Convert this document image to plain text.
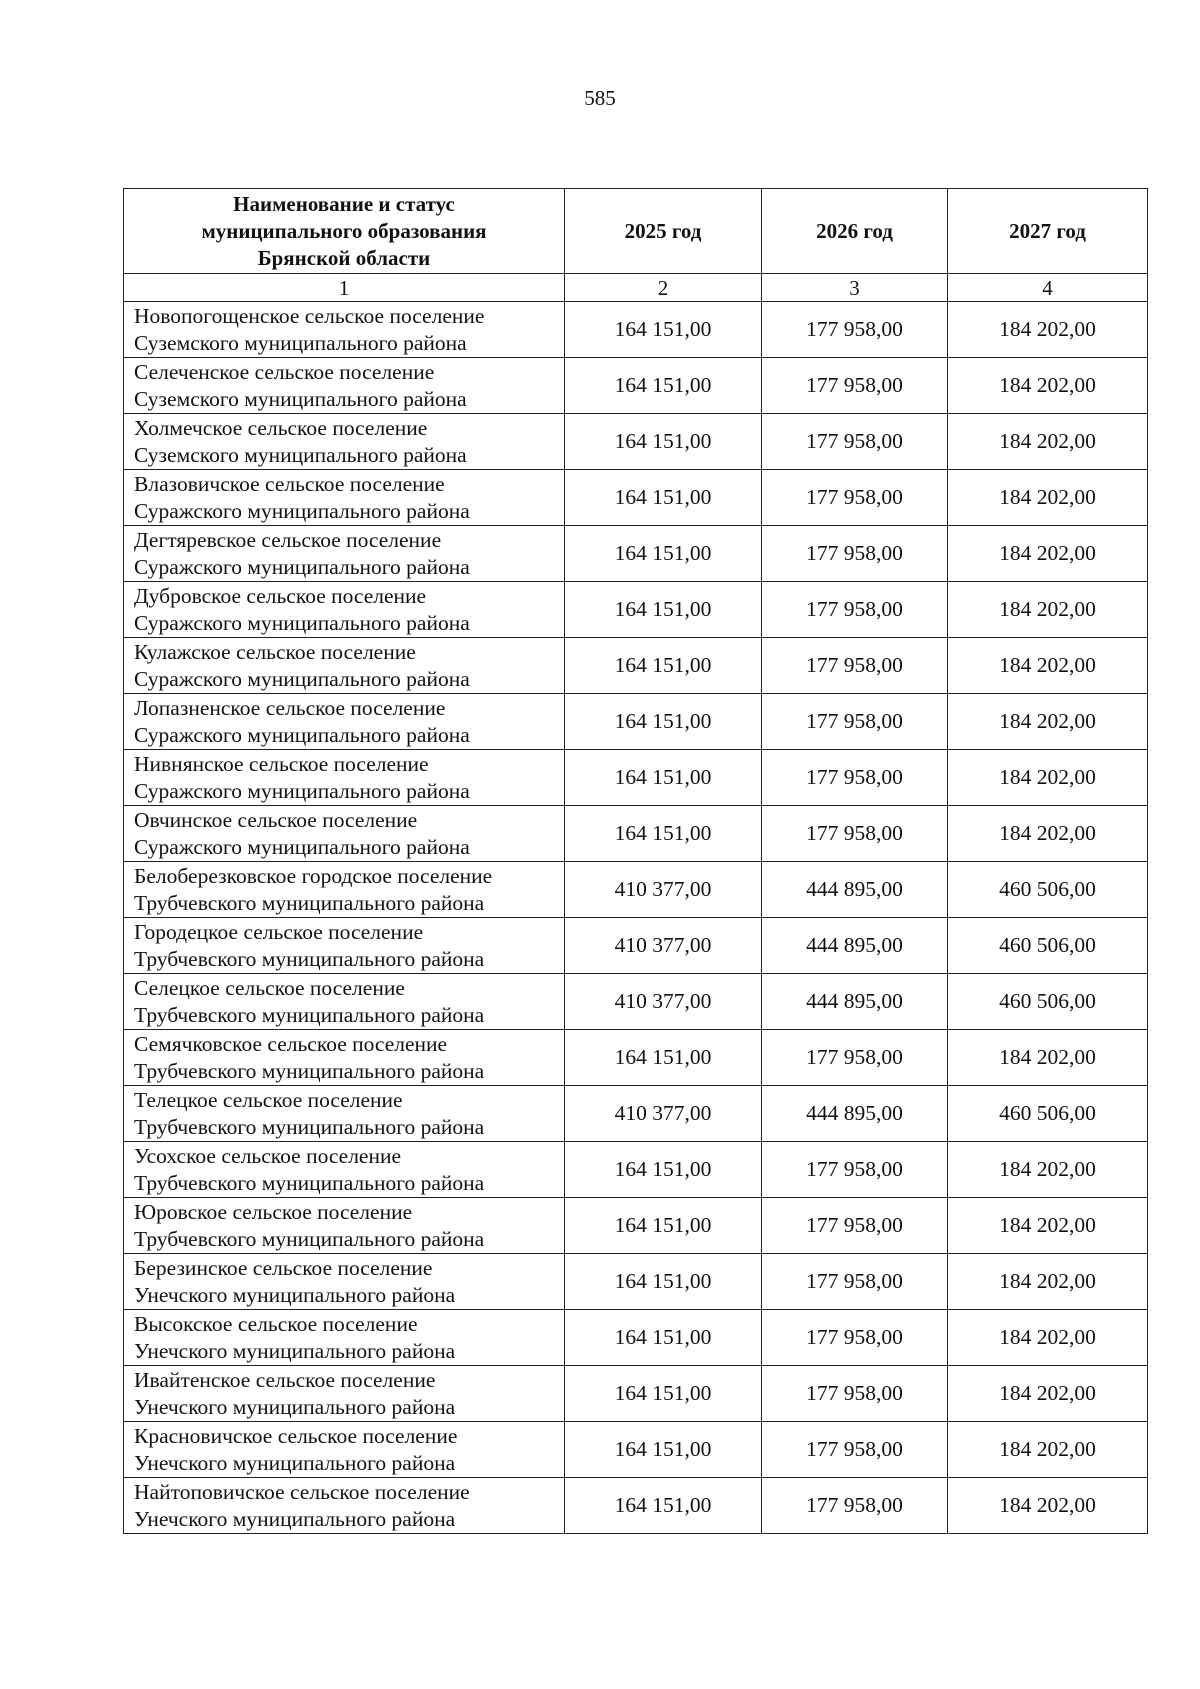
585
Наименование и статус
муниципального образования
Брянской области	2025 год	2026 год	2027 год
1	2	3	4

Новопогощенское сельское поселение
Суземского муниципального района	164 151,00	177 958,00	184 202,00

Селеченское сельское поселение
Суземского муниципального района	164 151,00	177 958,00	184 202,00

Холмечское сельское поселение
Суземского муниципального района	164 151,00	177 958,00	184 202,00

Влазовичское сельское поселение
Суражского муниципального района	164 151,00	177 958,00	184 202,00

Дегтяревское сельское поселение
Суражского муниципального района	164 151,00	177 958,00	184 202,00

Дубровское сельское поселение
Суражского муниципального района	164 151,00	177 958,00	184 202,00

Кулажское сельское поселение
Суражского муниципального района	164 151,00	177 958,00	184 202,00

Лопазненское сельское поселение
Суражского муниципального района	164 151,00	177 958,00	184 202,00

Нивнянское сельское поселение
Суражского муниципального района	164 151,00	177 958,00	184 202,00

Овчинское сельское поселение
Суражского муниципального района	164 151,00	177 958,00	184 202,00

Белоберезковское городское поселение
Трубчевского муниципального района	410 377,00	444 895,00	460 506,00

Городецкое сельское поселение
Трубчевского муниципального района	410 377,00	444 895,00	460 506,00

Селецкое сельское поселение
Трубчевского муниципального района	410 377,00	444 895,00	460 506,00

Семячковское сельское поселение
Трубчевского муниципального района	164 151,00	177 958,00	184 202,00

Телецкое сельское поселение
Трубчевского муниципального района	410 377,00	444 895,00	460 506,00

Усохское сельское поселение
Трубчевского муниципального района	164 151,00	177 958,00	184 202,00

Юровское сельское поселение
Трубчевского муниципального района	164 151,00	177 958,00	184 202,00

Березинское сельское поселение
Унечского муниципального района	164 151,00	177 958,00	184 202,00

Высокское сельское поселение
Унечского муниципального района	164 151,00	177 958,00	184 202,00

Ивайтенское сельское поселение
Унечского муниципального района	164 151,00	177 958,00	184 202,00

Красновичское сельское поселение
Унечского муниципального района	164 151,00	177 958,00	184 202,00

Найтоповичское сельское поселение
Унечского муниципального района	164 151,00	177 958,00	184 202,00
